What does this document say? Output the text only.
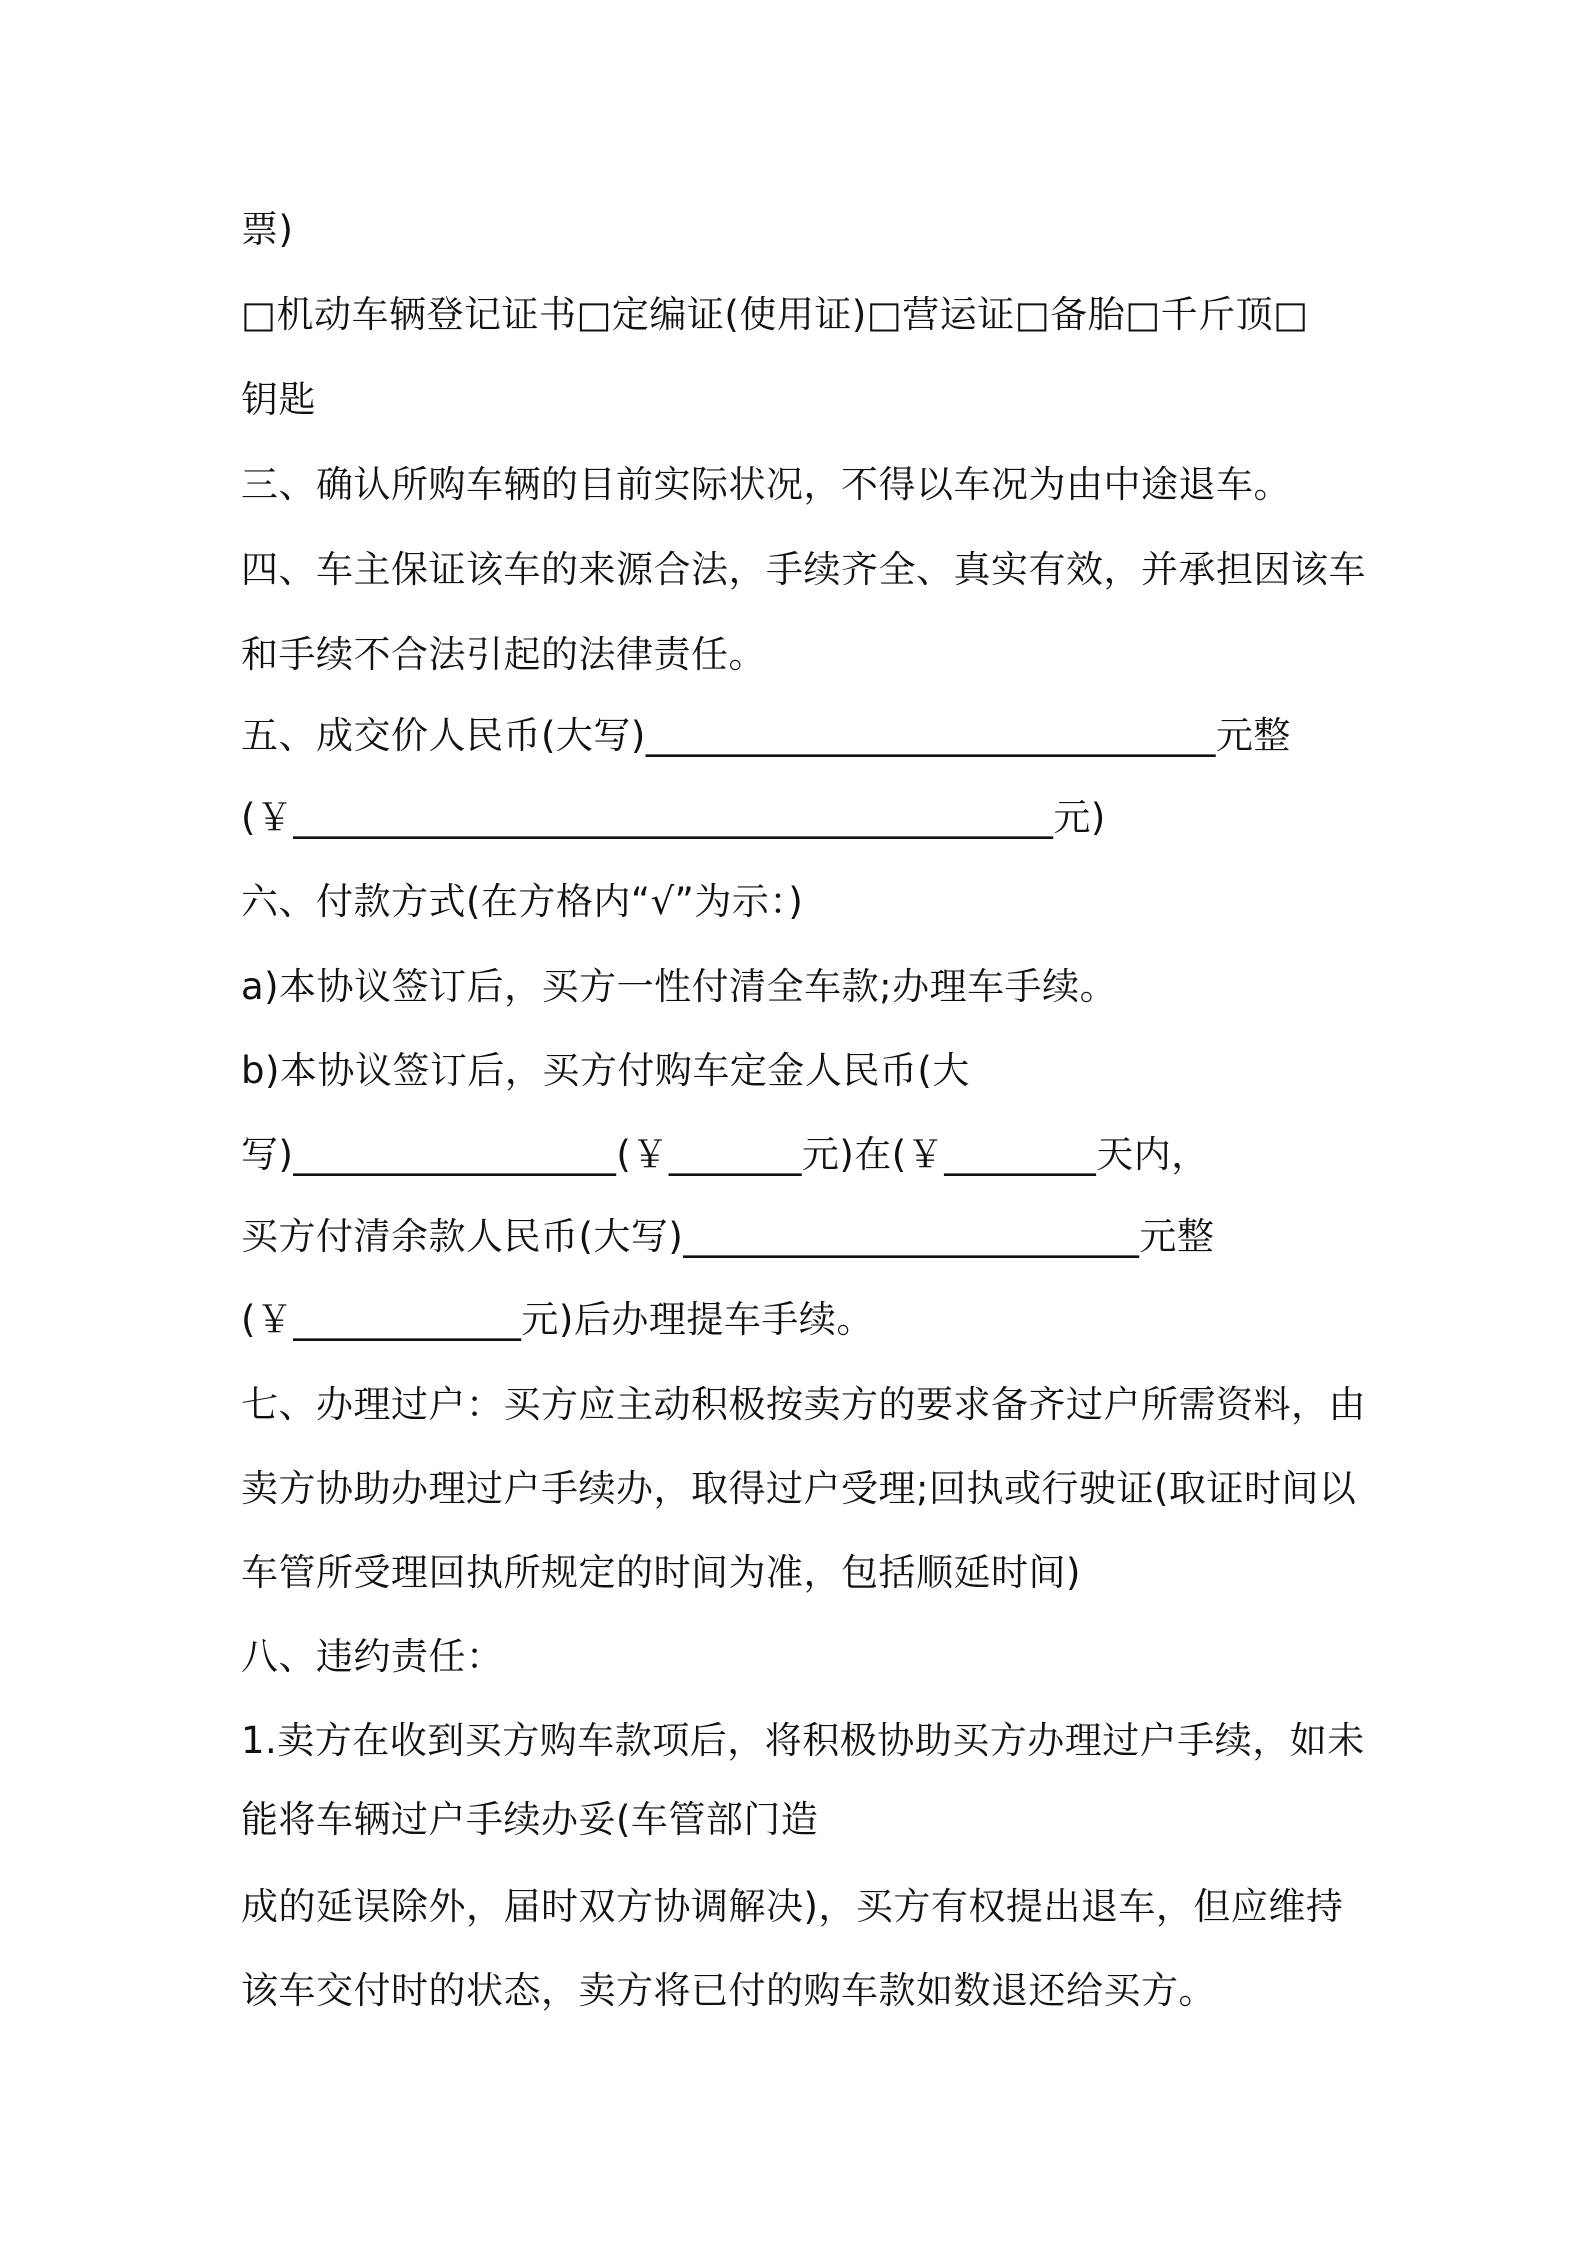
票)
□机动车辆登记证书□定编证(使用证)□营运证□备胎□千斤顶□
钥匙
三、确认所购车辆的目前实际状况，不得以车况为由中途退车。
四、车主保证该车的来源合法，手续齐全、真实有效，并承担因该车
和手续不合法引起的法律责任。
五、成交价人民币(大写)______________________________元整
(￥________________________________________元)
六、付款方式(在方格内“√”为示：)
a)本协议签订后，买方一性付清全车款;办理车手续。
b)本协议签订后，买方付购车定金人民币(大
写)_________________(￥_______元)在(￥________天内，
买方付清余款人民币(大写)________________________元整
(￥____________元)后办理提车手续。
七、办理过户：买方应主动积极按卖方的要求备齐过户所需资料，由
卖方协助办理过户手续办，取得过户受理;回执或行驶证(取证时间以
车管所受理回执所规定的时间为准，包括顺延时间)
八、违约责任：
1.卖方在收到买方购车款项后，将积极协助买方办理过户手续，如未
能将车辆过户手续办妥(车管部门造
成的延误除外，届时双方协调解决)，买方有权提出退车，但应维持
该车交付时的状态，卖方将已付的购车款如数退还给买方。
